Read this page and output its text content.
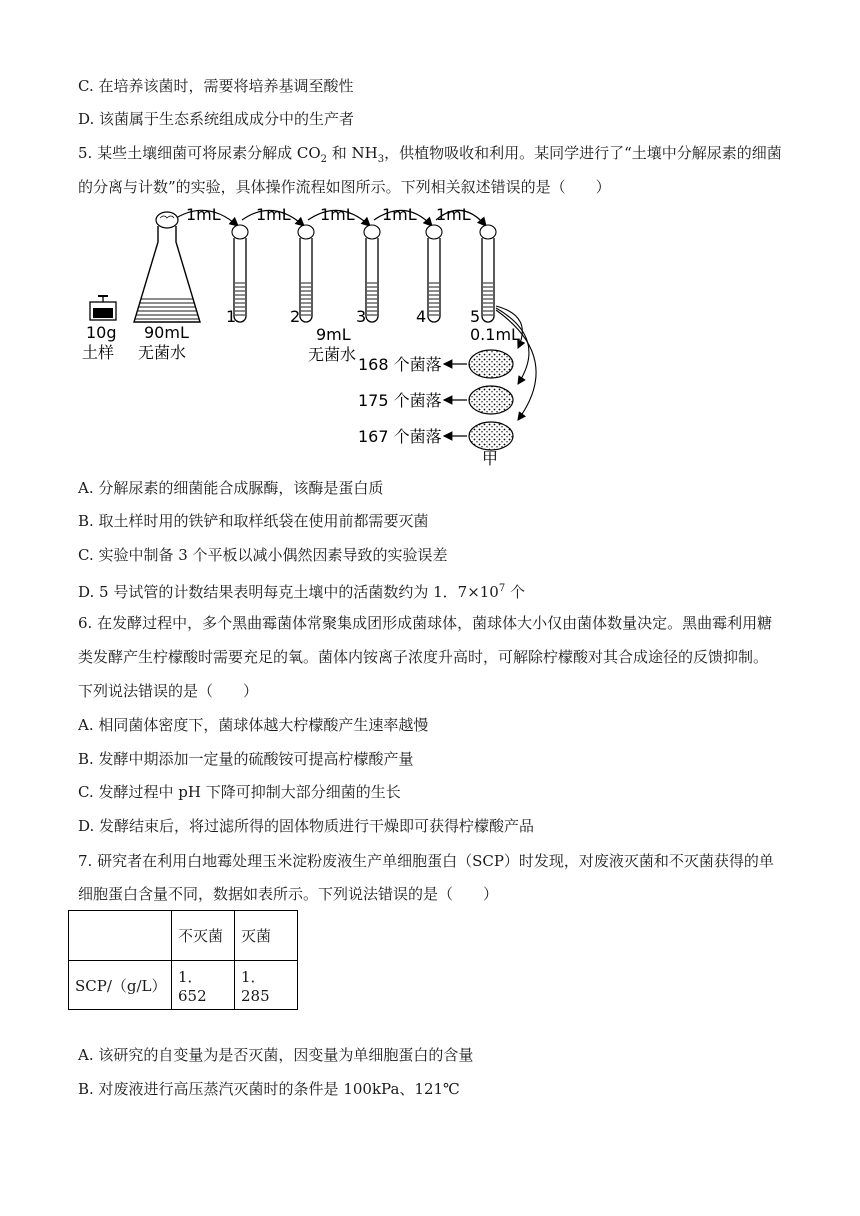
C. 在培养该菌时，需要将培养基调至酸性
D. 该菌属于生态系统组成成分中的生产者
5. 某些土壤细菌可将尿素分解成 $CO_2$ 和 $NH_3$，供植物吸收和利用。某同学进行了“土壤中分解尿素的细菌
的分离与计数”的实验，具体操作流程如图所示。下列相关叙述错误的是（　　）
1mL 1mL 1mL 1mL 1mL
10g
土样
90mL
无菌水
1	2	3	4	5
9mL
无菌水
0.1mL
168 个菌落
175 个菌落
167 个菌落
甲
A. 分解尿素的细菌能合成脲酶，该酶是蛋白质
B. 取土样时用的铁铲和取样纸袋在使用前都需要灭菌
C. 实验中制备 3 个平板以减小偶然因素导致的实验误差
D. 5 号试管的计数结果表明每克土壤中的活菌数约为 1．$7\times 10^7$ 个
6. 在发酵过程中，多个黑曲霉菌体常聚集成团形成菌球体，菌球体大小仅由菌体数量决定。黑曲霉利用糖
类发酵产生柠檬酸时需要充足的氧。菌体内铵离子浓度升高时，可解除柠檬酸对其合成途径的反馈抑制。
下列说法错误的是（　　）
A. 相同菌体密度下，菌球体越大柠檬酸产生速率越慢
B. 发酵中期添加一定量的硫酸铵可提高柠檬酸产量
C. 发酵过程中 pH 下降可抑制大部分细菌的生长
D. 发酵结束后，将过滤所得的固体物质进行干燥即可获得柠檬酸产品
7. 研究者在利用白地霉处理玉米淀粉废液生产单细胞蛋白（SCP）时发现，对废液灭菌和不灭菌获得的单
细胞蛋白含量不同，数据如表所示。下列说法错误的是（　　）
	不灭菌	灭菌
SCP/（g/L）	1．652	1．285
A. 该研究的自变量为是否灭菌，因变量为单细胞蛋白的含量
B. 对废液进行高压蒸汽灭菌时的条件是 100kPa、121℃
